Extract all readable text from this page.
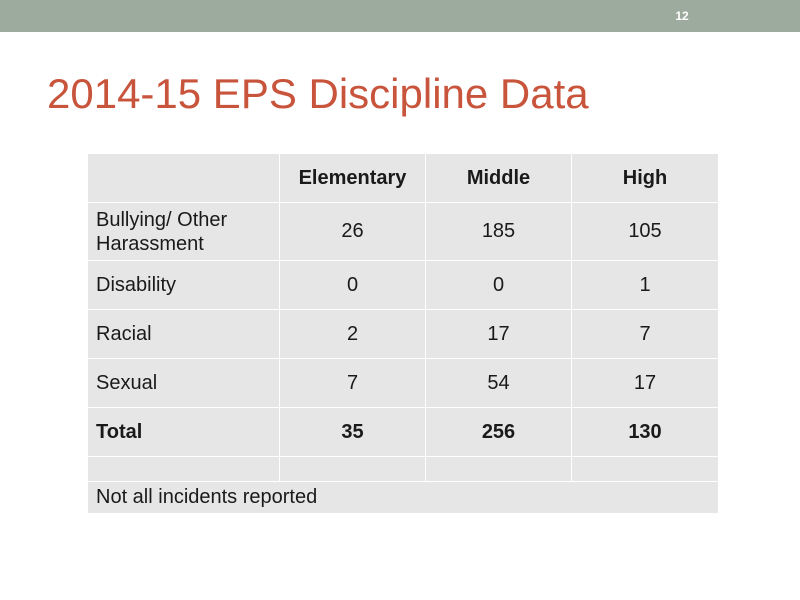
12
2014-15 EPS Discipline Data
	Elementary	Middle	High

Bullying/ Other
Harassment	26	185	105
Disability	0	0	1
Racial	2	17	7
Sexual	7	54	17
Total	35	256	130

Not all incidents reported			
